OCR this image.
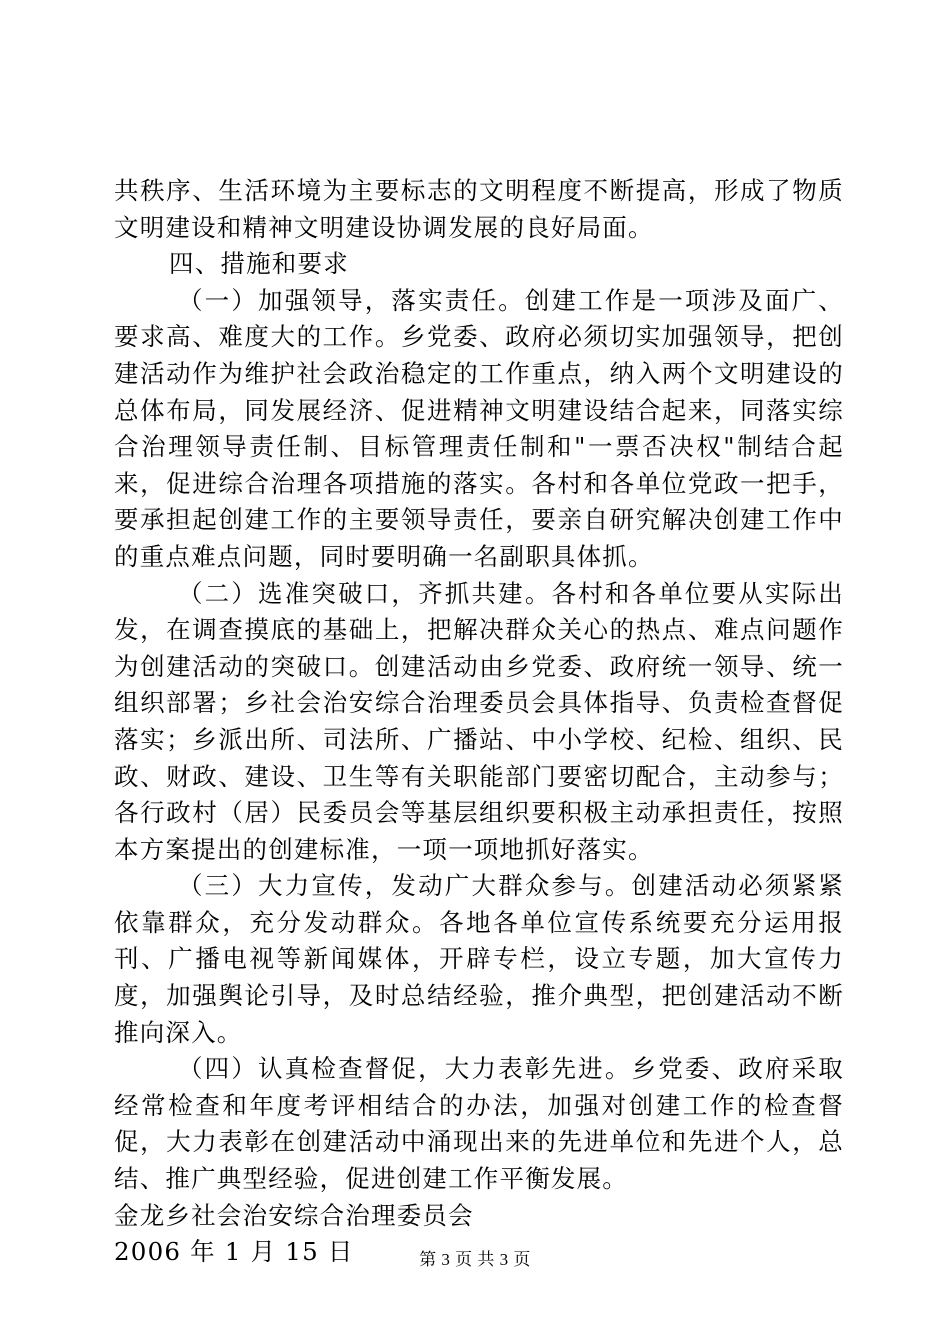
共秩序、生活环境为主要标志的文明程度不断提高，形成了物质文明建设和精神文明建设协调发展的良好局面。

四、措施和要求

（一）加强领导，落实责任。创建工作是一项涉及面广、要求高、难度大的工作。乡党委、政府必须切实加强领导，把创建活动作为维护社会政治稳定的工作重点，纳入两个文明建设的总体布局，同发展经济、促进精神文明建设结合起来，同落实综合治理领导责任制、目标管理责任制和"一票否决权"制结合起来，促进综合治理各项措施的落实。各村和各单位党政一把手，要承担起创建工作的主要领导责任，要亲自研究解决创建工作中的重点难点问题，同时要明确一名副职具体抓。

（二）选准突破口，齐抓共建。各村和各单位要从实际出发，在调查摸底的基础上，把解决群众关心的热点、难点问题作为创建活动的突破口。创建活动由乡党委、政府统一领导、统一组织部署；乡社会治安综合治理委员会具体指导、负责检查督促落实；乡派出所、司法所、广播站、中小学校、纪检、组织、民政、财政、建设、卫生等有关职能部门要密切配合，主动参与；各行政村（居）民委员会等基层组织要积极主动承担责任，按照本方案提出的创建标准，一项一项地抓好落实。

（三）大力宣传，发动广大群众参与。创建活动必须紧紧依靠群众，充分发动群众。各地各单位宣传系统要充分运用报刊、广播电视等新闻媒体，开辟专栏，设立专题，加大宣传力度，加强舆论引导，及时总结经验，推介典型，把创建活动不断推向深入。

（四）认真检查督促，大力表彰先进。乡党委、政府采取经常检查和年度考评相结合的办法，加强对创建工作的检查督促，大力表彰在创建活动中涌现出来的先进单位和先进个人，总结、推广典型经验，促进创建工作平衡发展。

金龙乡社会治安综合治理委员会

2006 年 1 月 15 日	第 3 页 共 3 页
